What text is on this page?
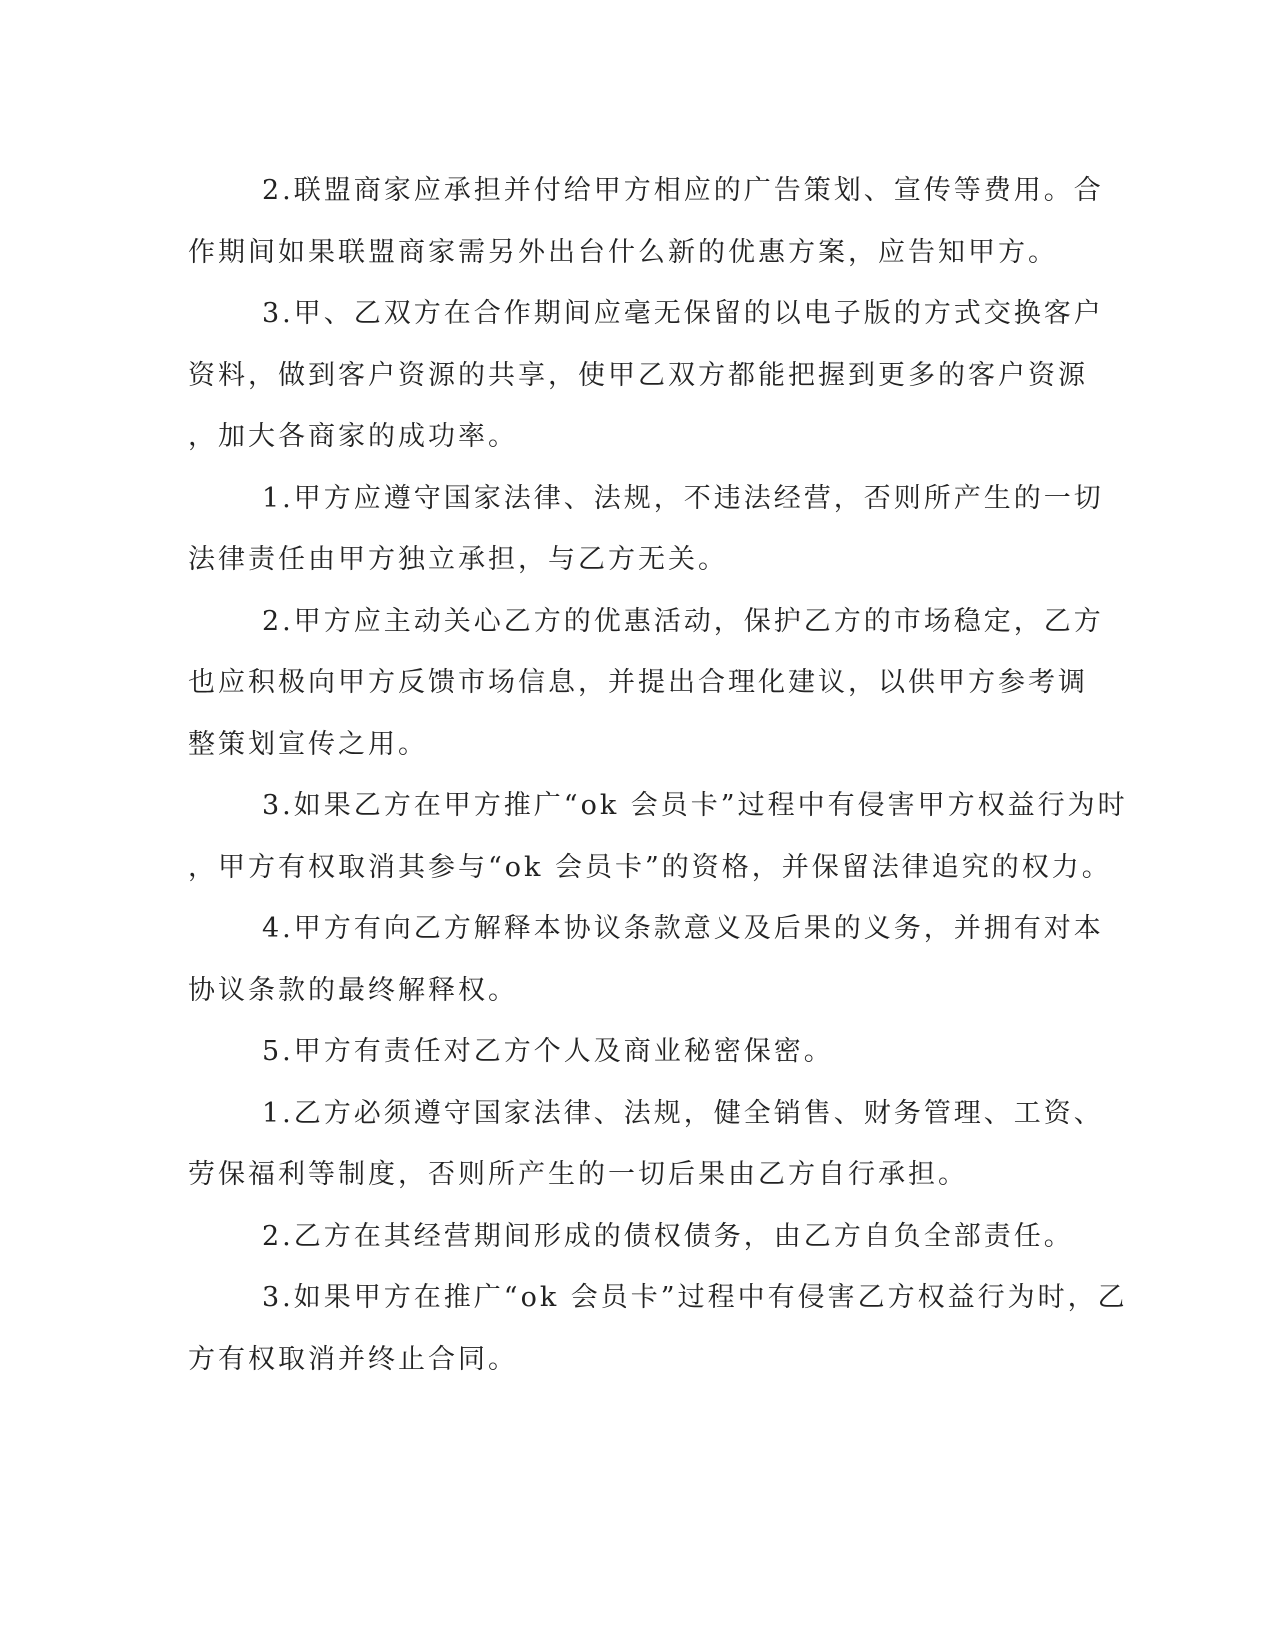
2.联盟商家应承担并付给甲方相应的广告策划、宣传等费用。合
作期间如果联盟商家需另外出台什么新的优惠方案，应告知甲方。

3.甲、乙双方在合作期间应毫无保留的以电子版的方式交换客户
资料，做到客户资源的共享，使甲乙双方都能把握到更多的客户资源
，加大各商家的成功率。

1.甲方应遵守国家法律、法规，不违法经营，否则所产生的一切
法律责任由甲方独立承担，与乙方无关。

2.甲方应主动关心乙方的优惠活动，保护乙方的市场稳定，乙方
也应积极向甲方反馈市场信息，并提出合理化建议，以供甲方参考调
整策划宣传之用。

3.如果乙方在甲方推广“ok 会员卡”过程中有侵害甲方权益行为时
，甲方有权取消其参与“ok 会员卡”的资格，并保留法律追究的权力。

4.甲方有向乙方解释本协议条款意义及后果的义务，并拥有对本
协议条款的最终解释权。

5.甲方有责任对乙方个人及商业秘密保密。

1.乙方必须遵守国家法律、法规，健全销售、财务管理、工资、
劳保福利等制度，否则所产生的一切后果由乙方自行承担。

2.乙方在其经营期间形成的债权债务，由乙方自负全部责任。

3.如果甲方在推广“ok 会员卡”过程中有侵害乙方权益行为时，乙
方有权取消并终止合同。
